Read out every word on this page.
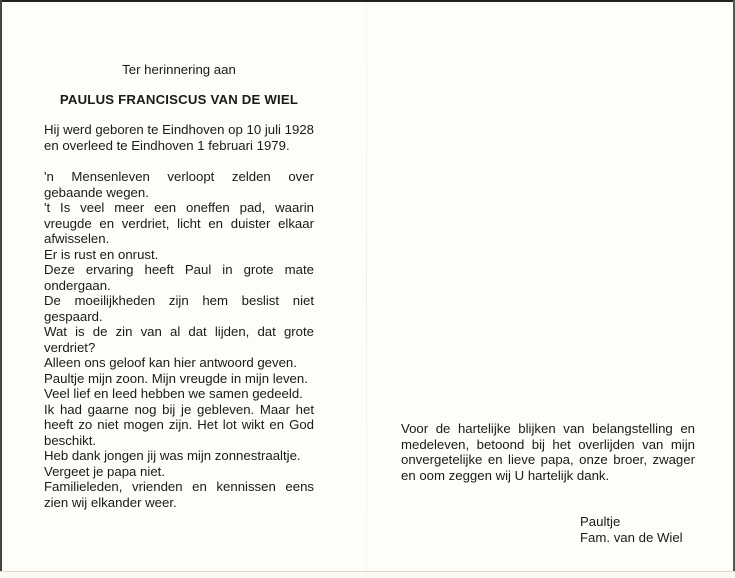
Ter herinnering aan

PAULUS FRANCISCUS VAN DE WIEL

Hij werd geboren te Eindhoven op 10 juli 1928 en overleed te Eindhoven 1 februari 1979.

'n Mensenleven verloopt zelden over gebaande wegen.
't Is veel meer een oneffen pad, waarin vreugde en verdriet, licht en duister elkaar afwisselen.
Er is rust en onrust.
Deze ervaring heeft Paul in grote mate ondergaan.
De moeilijkheden zijn hem beslist niet gespaard.
Wat is de zin van al dat lijden, dat grote verdriet?
Alleen ons geloof kan hier antwoord geven.
Paultje mijn zoon. Mijn vreugde in mijn leven.
Veel lief en leed hebben we samen gedeeld.
Ik had gaarne nog bij je gebleven. Maar het heeft zo niet mogen zijn. Het lot wikt en God beschikt.
Heb dank jongen jij was mijn zonnestraaltje.
Vergeet je papa niet.
Familieleden, vrienden en kennissen eens zien wij elkander weer.

Voor de hartelijke blijken van belangstelling en medeleven, betoond bij het overlijden van mijn onvergetelijke en lieve papa, onze broer, zwager en oom zeggen wij U hartelijk dank.

Paultje
Fam. van de Wiel
